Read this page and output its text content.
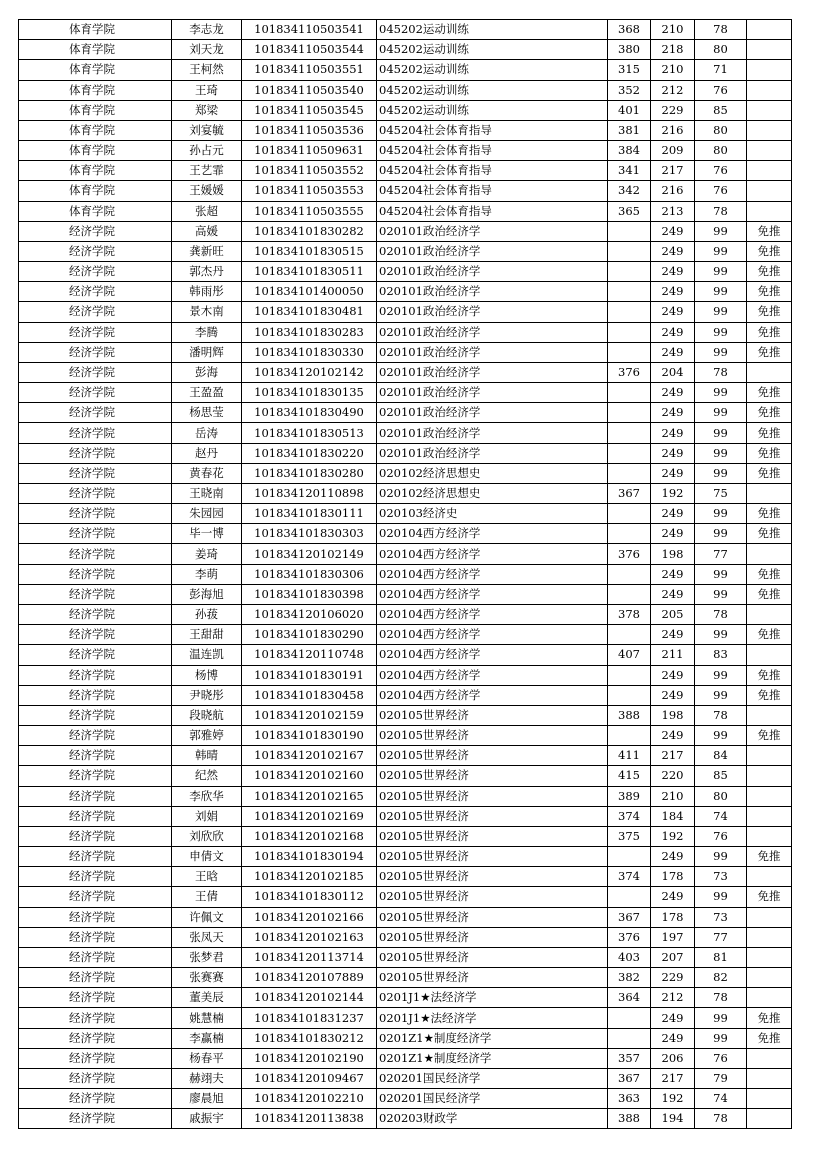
体育学院	李志龙	101834110503541	045202运动训练	368	210	78	
体育学院	刘天龙	101834110503544	045202运动训练	380	218	80	
体育学院	王柯然	101834110503551	045202运动训练	315	210	71	
体育学院	王琦	101834110503540	045202运动训练	352	212	76	
体育学院	郑梁	101834110503545	045202运动训练	401	229	85	
体育学院	刘宴毓	101834110503536	045204社会体育指导	381	216	80	
体育学院	孙占元	101834110509631	045204社会体育指导	384	209	80	
体育学院	王艺霏	101834110503552	045204社会体育指导	341	217	76	
体育学院	王媛媛	101834110503553	045204社会体育指导	342	216	76	
体育学院	张超	101834110503555	045204社会体育指导	365	213	78	
经济学院	高媛	101834101830282	020101政治经济学		249	99	免推
经济学院	龚新旺	101834101830515	020101政治经济学		249	99	免推
经济学院	郭杰丹	101834101830511	020101政治经济学		249	99	免推
经济学院	韩雨彤	101834101400050	020101政治经济学		249	99	免推
经济学院	景木南	101834101830481	020101政治经济学		249	99	免推
经济学院	李腾	101834101830283	020101政治经济学		249	99	免推
经济学院	潘明辉	101834101830330	020101政治经济学		249	99	免推
经济学院	彭海	101834120102142	020101政治经济学	376	204	78	
经济学院	王盈盈	101834101830135	020101政治经济学		249	99	免推
经济学院	杨思莹	101834101830490	020101政治经济学		249	99	免推
经济学院	岳涛	101834101830513	020101政治经济学		249	99	免推
经济学院	赵丹	101834101830220	020101政治经济学		249	99	免推
经济学院	黄春花	101834101830280	020102经济思想史		249	99	免推
经济学院	王晓南	101834120110898	020102经济思想史	367	192	75	
经济学院	朱园园	101834101830111	020103经济史		249	99	免推
经济学院	毕一博	101834101830303	020104西方经济学		249	99	免推
经济学院	姜琦	101834120102149	020104西方经济学	376	198	77	
经济学院	李萌	101834101830306	020104西方经济学		249	99	免推
经济学院	彭海旭	101834101830398	020104西方经济学		249	99	免推
经济学院	孙菝	101834120106020	020104西方经济学	378	205	78	
经济学院	王甜甜	101834101830290	020104西方经济学		249	99	免推
经济学院	温连凯	101834120110748	020104西方经济学	407	211	83	
经济学院	杨博	101834101830191	020104西方经济学		249	99	免推
经济学院	尹晓彤	101834101830458	020104西方经济学		249	99	免推
经济学院	段晓航	101834120102159	020105世界经济	388	198	78	
经济学院	郭雅婷	101834101830190	020105世界经济		249	99	免推
经济学院	韩晴	101834120102167	020105世界经济	411	217	84	
经济学院	纪然	101834120102160	020105世界经济	415	220	85	
经济学院	李欣华	101834120102165	020105世界经济	389	210	80	
经济学院	刘娟	101834120102169	020105世界经济	374	184	74	
经济学院	刘欣欣	101834120102168	020105世界经济	375	192	76	
经济学院	申倩文	101834101830194	020105世界经济		249	99	免推
经济学院	王晗	101834120102185	020105世界经济	374	178	73	
经济学院	王倩	101834101830112	020105世界经济		249	99	免推
经济学院	许佩文	101834120102166	020105世界经济	367	178	73	
经济学院	张凤天	101834120102163	020105世界经济	376	197	77	
经济学院	张梦君	101834120113714	020105世界经济	403	207	81	
经济学院	张赛赛	101834120107889	020105世界经济	382	229	82	
经济学院	董美辰	101834120102144	0201J1★法经济学	364	212	78	
经济学院	姚慧楠	101834101831237	0201J1★法经济学		249	99	免推
经济学院	李赢楠	101834101830212	0201Z1★制度经济学		249	99	免推
经济学院	杨春平	101834120102190	0201Z1★制度经济学	357	206	76	
经济学院	赫翊夫	101834120109467	020201国民经济学	367	217	79	
经济学院	廖晨旭	101834120102210	020201国民经济学	363	192	74	
经济学院	戚振宇	101834120113838	020203财政学	388	194	78	
